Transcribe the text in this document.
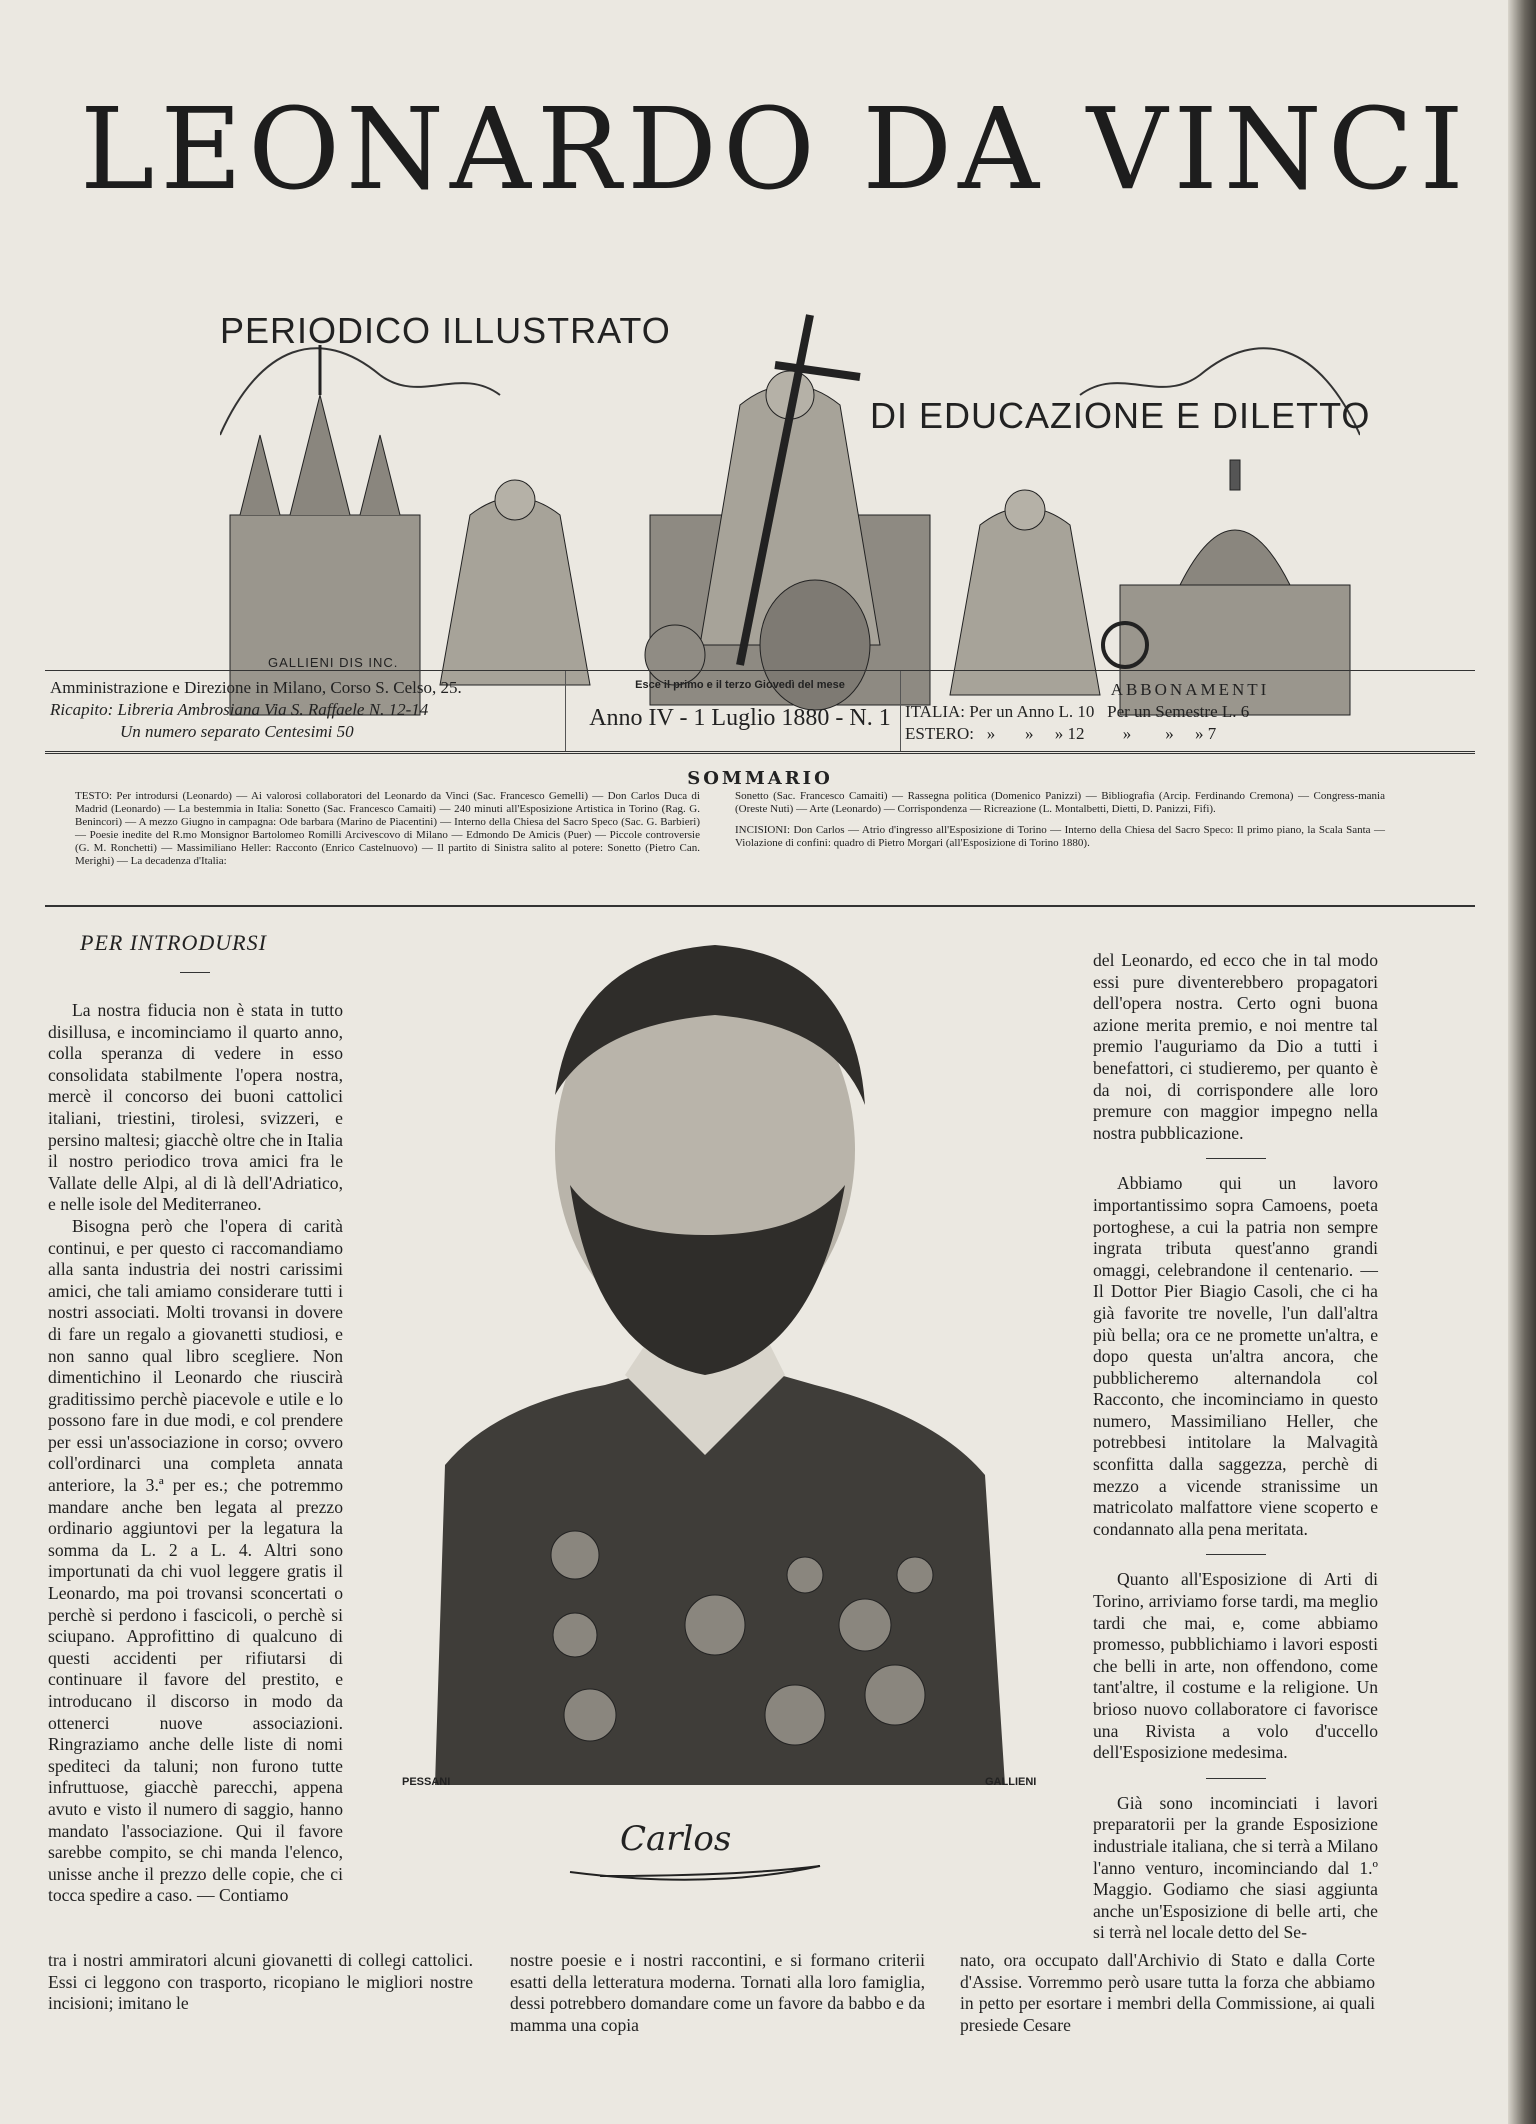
LEONARDO DA VINCI
PERIODICO ILLUSTRATO
DI EDUCAZIONE E DILETTO
GALLIENI DIS INC.
Amministrazione e Direzione in Milano, Corso S. Celso, 25.
Ricapito: Libreria Ambrosiana Via S. Raffaele N. 12-14
Un numero separato Centesimi 50
Esce il primo e il terzo Giovedì del mese
Anno IV - 1 Luglio 1880 - N. 1
ABBONAMENTI
ITALIA: Per un Anno L. 10   Per un Semestre L. 6
ESTERO:   »       »     » 12         »        »     » 7
SOMMARIO
TESTO: Per introdursi (Leonardo) — Ai valorosi collaboratori del Leonardo da Vinci (Sac. Francesco Gemelli) — Don Carlos Duca di Madrid (Leonardo) — La bestemmia in Italia: Sonetto (Sac. Francesco Camaiti) — 240 minuti all'Esposizione Artistica in Torino (Rag. G. Benincori) — A mezzo Giugno in campagna: Ode barbara (Marino de Piacentini) — Interno della Chiesa del Sacro Speco (Sac. G. Barbieri) — Poesie inedite del R.mo Monsignor Bartolomeo Romilli Arcivescovo di Milano — Edmondo De Amicis (Puer) — Piccole controversie (G. M. Ronchetti) — Massimiliano Heller: Racconto (Enrico Castelnuovo) — Il partito di Sinistra salito al potere: Sonetto (Pietro Can. Merighi) — La decadenza d'Italia:
Sonetto (Sac. Francesco Camaiti) — Rassegna politica (Domenico Panizzi) — Bibliografia (Arcip. Ferdinando Cremona) — Congress-mania (Oreste Nuti) — Arte (Leonardo) — Corrispondenza — Ricreazione (L. Montalbetti, Dietti, D. Panizzi, Fifi).
INCISIONI: Don Carlos — Atrio d'ingresso all'Esposizione di Torino — Interno della Chiesa del Sacro Speco: Il primo piano, la Scala Santa — Violazione di confini: quadro di Pietro Morgari (all'Esposizione di Torino 1880).
PER INTRODURSI

La nostra fiducia non è stata in tutto disillusa, e incominciamo il quarto anno, colla speranza di vedere in esso consolidata stabilmente l'opera nostra, mercè il concorso dei buoni cattolici italiani, triestini, tirolesi, svizzeri, e persino maltesi; giacchè oltre che in Italia il nostro periodico trova amici fra le Vallate delle Alpi, al di là dell'Adriatico, e nelle isole del Mediterraneo.

Bisogna però che l'opera di carità continui, e per questo ci raccomandiamo alla santa industria dei nostri carissimi amici, che tali amiamo considerare tutti i nostri associati. Molti trovansi in dovere di fare un regalo a giovanetti studiosi, e non sanno qual libro scegliere. Non dimentichino il Leonardo che riuscirà graditissimo perchè piacevole e utile e lo possono fare in due modi, e col prendere per essi un'associazione in corso; ovvero coll'ordinarci una completa annata anteriore, la 3.ª per es.; che potremmo mandare anche ben legata al prezzo ordinario aggiuntovi per la legatura la somma da L. 2 a L. 4. Altri sono importunati da chi vuol leggere gratis il Leonardo, ma poi trovansi sconcertati o perchè si perdono i fascicoli, o perchè si sciupano. Approfittino di qualcuno di questi accidenti per rifiutarsi di continuare il favore del prestito, e introducano il discorso in modo da ottenerci nuove associazioni. Ringraziamo anche delle liste di nomi spediteci da taluni; non furono tutte infruttuose, giacchè parecchi, appena avuto e visto il numero di saggio, hanno mandato l'associazione. Qui il favore sarebbe compito, se chi manda l'elenco, unisse anche il prezzo delle copie, che ci tocca spedire a caso. — Contiamo

PESSANI	GALLIENI
Carlos

del Leonardo, ed ecco che in tal modo essi pure diventerebbero propagatori dell'opera nostra. Certo ogni buona azione merita premio, e noi mentre tal premio l'auguriamo da Dio a tutti i benefattori, ci studieremo, per quanto è da noi, di corrispondere alle loro premure con maggior impegno nella nostra pubblicazione.

Abbiamo qui un lavoro importantissimo sopra Camoens, poeta portoghese, a cui la patria non sempre ingrata tributa quest'anno grandi omaggi, celebrandone il centenario. — Il Dottor Pier Biagio Casoli, che ci ha già favorite tre novelle, l'un dall'altra più bella; ora ce ne promette un'altra, e dopo questa un'altra ancora, che pubblicheremo alternandola col Racconto, che incominciamo in questo numero, Massimiliano Heller, che potrebbesi intitolare la Malvagità sconfitta dalla saggezza, perchè di mezzo a vicende stranissime un matricolato malfattore viene scoperto e condannato alla pena meritata.

Quanto all'Esposizione di Arti di Torino, arriviamo forse tardi, ma meglio tardi che mai, e, come abbiamo promesso, pubblichiamo i lavori esposti che belli in arte, non offendono, come tant'altre, il costume e la religione. Un brioso nuovo collaboratore ci favorisce una Rivista a volo d'uccello dell'Esposizione medesima.

Già sono incominciati i lavori preparatorii per la grande Esposizione industriale italiana, che si terrà a Milano l'anno venturo, incominciando dal 1.º Maggio. Godiamo che siasi aggiunta anche un'Esposizione di belle arti, che si terrà nel locale detto del Se-

tra i nostri ammiratori alcuni giovanetti di collegi cattolici. Essi ci leggono con trasporto, ricopiano le migliori nostre incisioni; imitano le
nostre poesie e i nostri raccontini, e si formano criterii esatti della letteratura moderna. Tornati alla loro famiglia, dessi potrebbero domandare come un favore da babbo e da mamma una copia
nato, ora occupato dall'Archivio di Stato e dalla Corte d'Assise. Vorremmo però usare tutta la forza che abbiamo in petto per esortare i membri della Commissione, ai quali presiede Cesare
